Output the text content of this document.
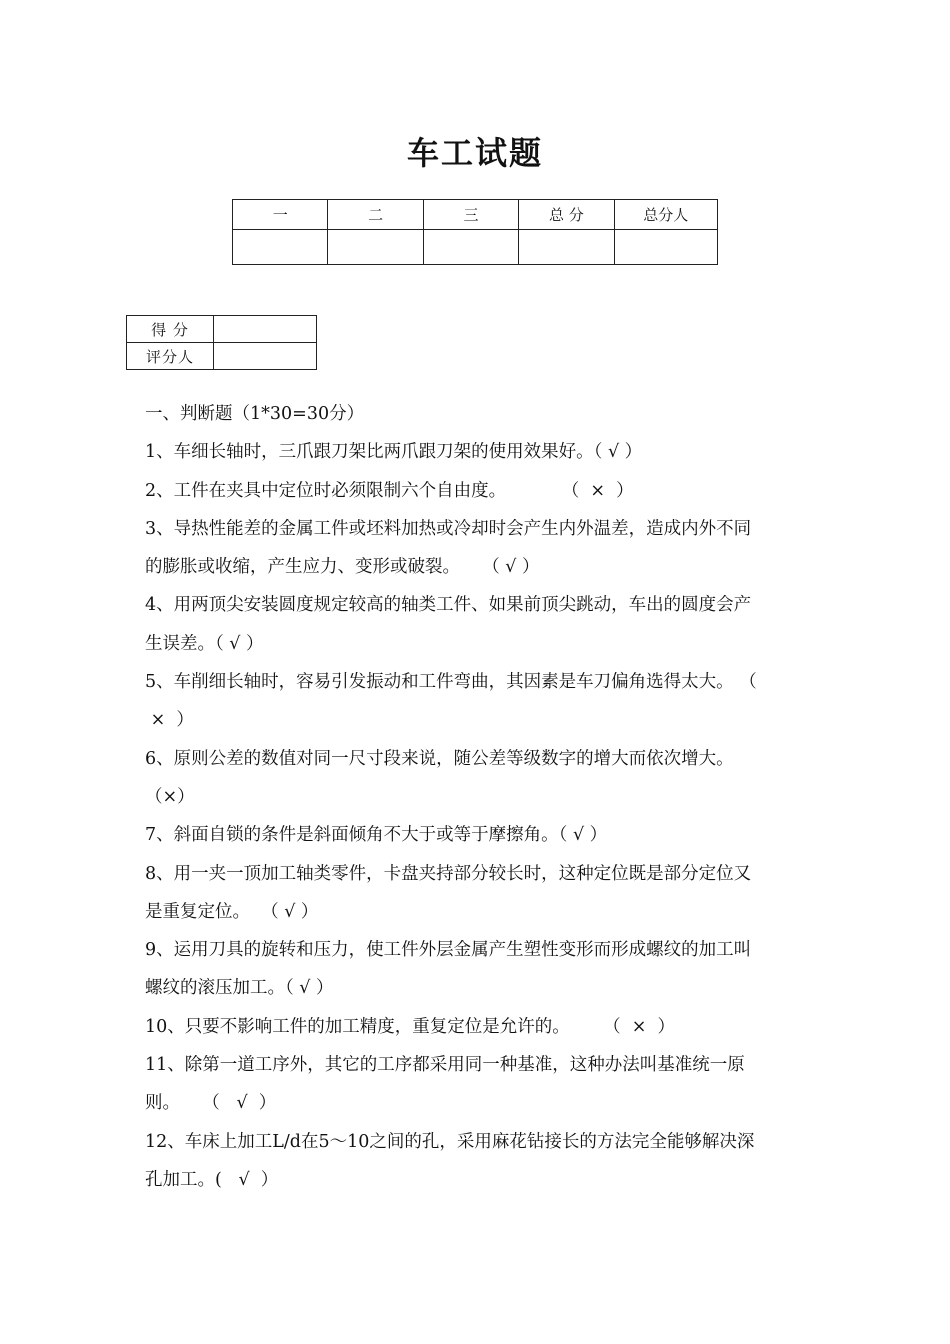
车工试题
一	二	三	总 分	总分人

得 分	
评分人	
一、判断题（1*30=30分）
1、车细长轴时，三爪跟刀架比两爪跟刀架的使用效果好。（ √ ）
2、工件在夹具中定位时必须限制六个自由度。          （  ×  ）
3、导热性能差的金属工件或坯料加热或冷却时会产生内外温差，造成内外不同
的膨胀或收缩，产生应力、变形或破裂。    （ √ ）
4、用两顶尖安装圆度规定较高的轴类工件、如果前顶尖跳动，车出的圆度会产
生误差。（ √ ）
5、车削细长轴时，容易引发振动和工件弯曲，其因素是车刀偏角选得太大。 （
×  ）
6、原则公差的数值对同一尺寸段来说，随公差等级数字的增大而依次增大。
（×）
7、斜面自锁的条件是斜面倾角不大于或等于摩擦角。（ √ ）
8、用一夹一顶加工轴类零件，卡盘夹持部分较长时，这种定位既是部分定位又
是重复定位。  （ √ ）
9、运用刀具的旋转和压力，使工件外层金属产生塑性变形而形成螺纹的加工叫
螺纹的滚压加工。（ √ ）
10、只要不影响工件的加工精度，重复定位是允许的。      （  ×  ）
11、除第一道工序外，其它的工序都采用同一种基准，这种办法叫基准统一原
则。    （   √  ）
12、车床上加工L/d在5～10之间的孔，采用麻花钻接长的方法完全能够解决深
孔加工。(   √  ）
